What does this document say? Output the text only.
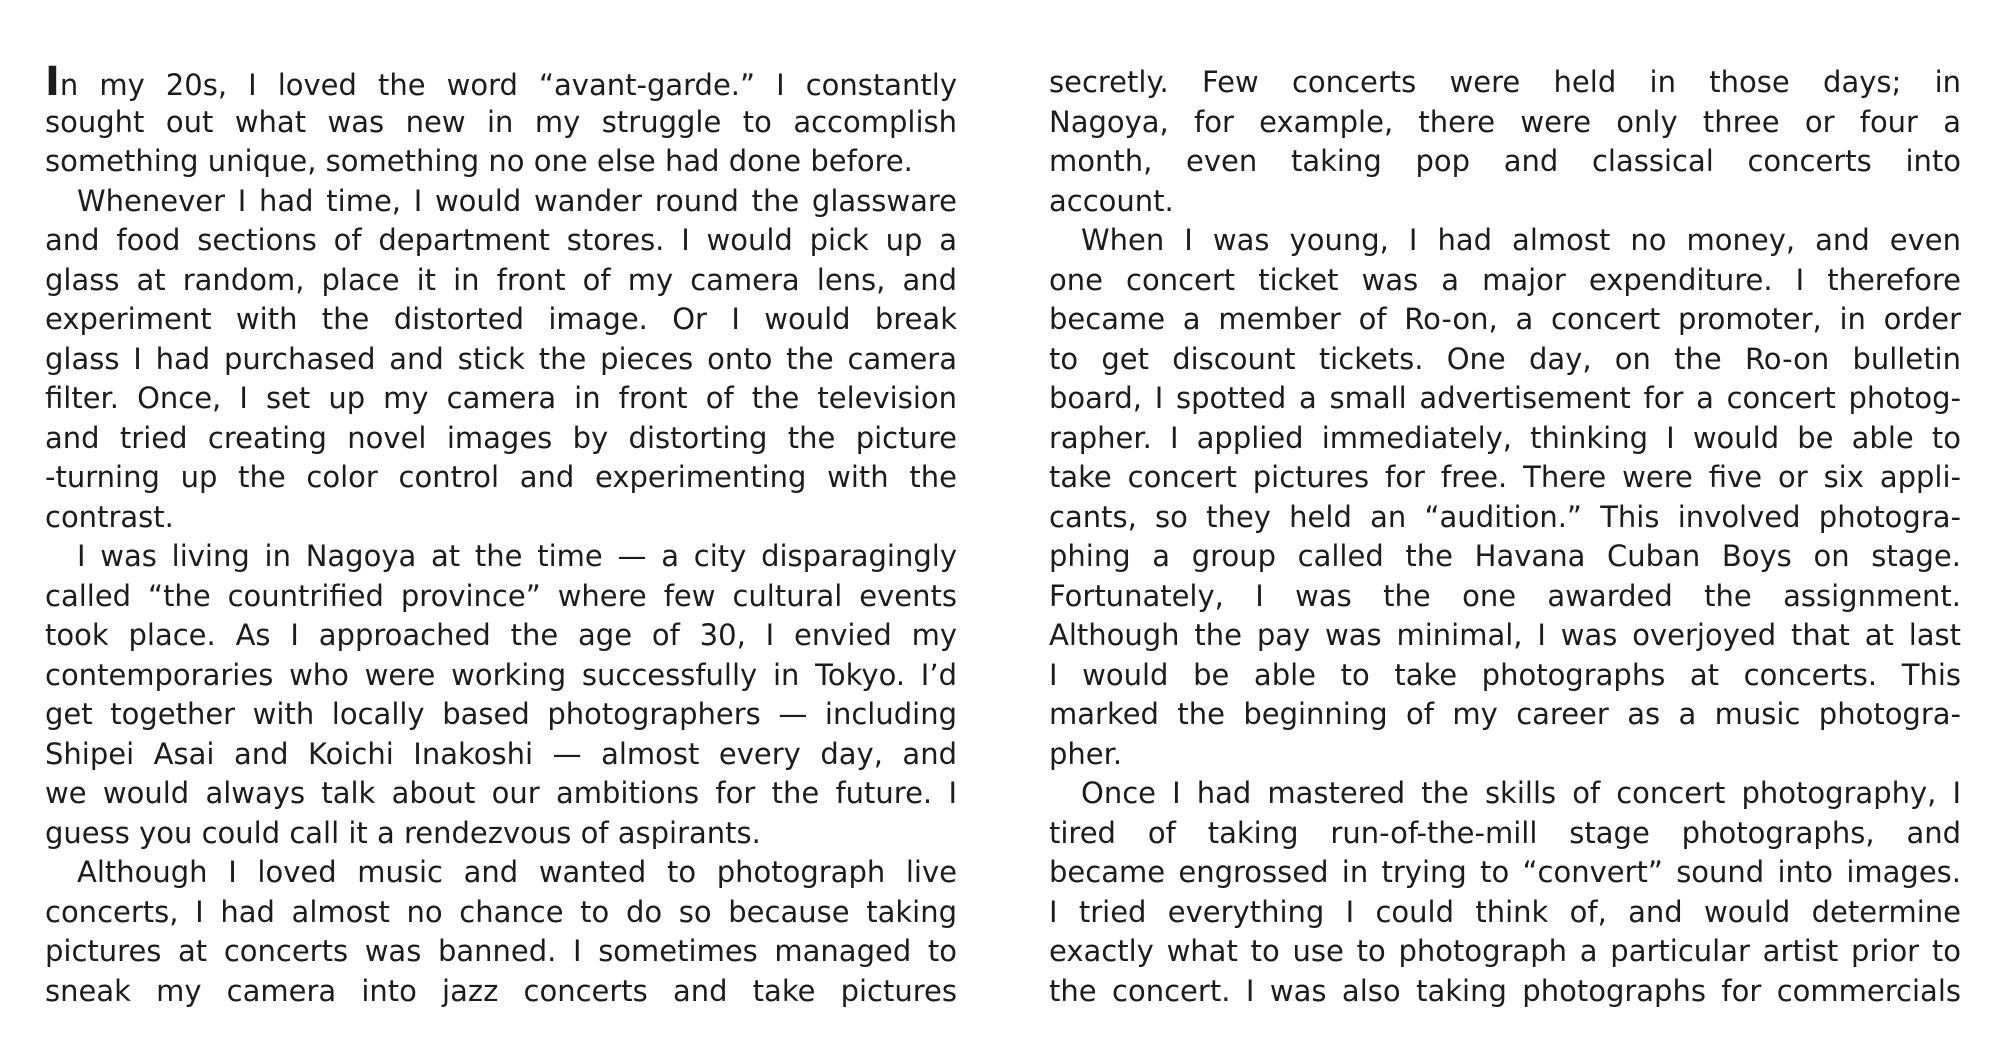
In my 20s, I loved the word “avant-garde.” I constantly
sought out what was new in my struggle to accomplish
something unique, something no one else had done before.
Whenever I had time, I would wander round the glassware
and food sections of department stores. I would pick up a
glass at random, place it in front of my camera lens, and
experiment with the distorted image. Or I would break
glass I had purchased and stick the pieces onto the camera
filter. Once, I set up my camera in front of the television
and tried creating novel images by distorting the picture
-turning up the color control and experimenting with the
contrast.
I was living in Nagoya at the time — a city disparagingly
called “the countrified province” where few cultural events
took place. As I approached the age of 30, I envied my
contemporaries who were working successfully in Tokyo. I’d
get together with locally based photographers — including
Shipei Asai and Koichi Inakoshi — almost every day, and
we would always talk about our ambitions for the future. I
guess you could call it a rendezvous of aspirants.
Although I loved music and wanted to photograph live
concerts, I had almost no chance to do so because taking
pictures at concerts was banned. I sometimes managed to
sneak my camera into jazz concerts and take pictures
secretly. Few concerts were held in those days; in
Nagoya, for example, there were only three or four a
month, even taking pop and classical concerts into
account.
When I was young, I had almost no money, and even
one concert ticket was a major expenditure. I therefore
became a member of Ro-on, a concert promoter, in order
to get discount tickets. One day, on the Ro-on bulletin
board, I spotted a small advertisement for a concert photog-
rapher. I applied immediately, thinking I would be able to
take concert pictures for free. There were five or six appli-
cants, so they held an “audition.” This involved photogra-
phing a group called the Havana Cuban Boys on stage.
Fortunately, I was the one awarded the assignment.
Although the pay was minimal, I was overjoyed that at last
I would be able to take photographs at concerts. This
marked the beginning of my career as a music photogra-
pher.
Once I had mastered the skills of concert photography, I
tired of taking run-of-the-mill stage photographs, and
became engrossed in trying to “convert” sound into images.
I tried everything I could think of, and would determine
exactly what to use to photograph a particular artist prior to
the concert. I was also taking photographs for commercials
